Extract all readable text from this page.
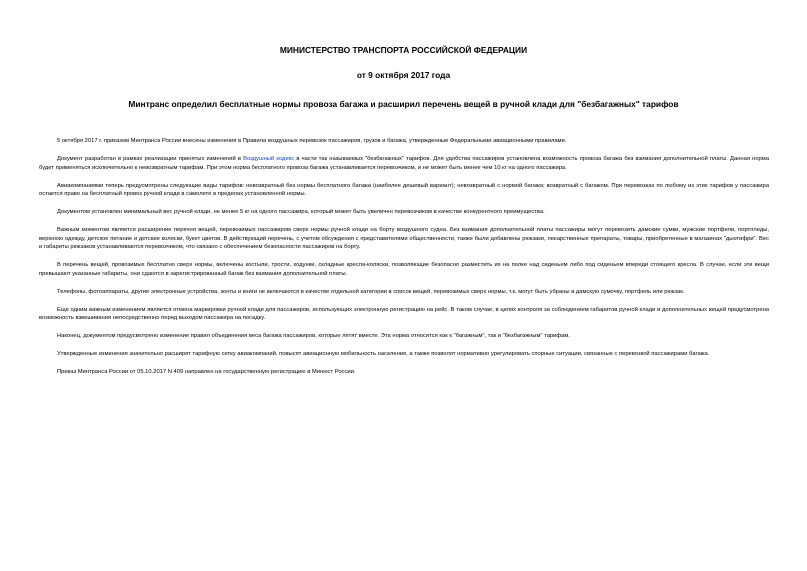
МИНИСТЕРСТВО ТРАНСПОРТА РОССИЙСКОЙ ФЕДЕРАЦИИ
от 9 октября 2017 года
Минтранс определил бесплатные нормы провоза багажа и расширил перечень вещей в ручной клади для "безбагажных" тарифов

5 октября 2017 г. приказом Минтранса России внесены изменения в Правила воздушных перевозок пассажиров, грузов и багажа, утвержденные Федеральными авиационными правилами.

Документ разработан в рамках реализации принятых изменений в Воздушный кодекс в части так называемых "безбагажных" тарифов. Для удобства пассажиров установлена возможность провоза багажа без взимания дополнительной платы. Данная норма будет применяться исключительно к невозвратным тарифам. При этом норма бесплатного провоза багажа устанавливается перевозчиком, и не может быть менее чем 10 кг на одного пассажира.

Авиакомпаниями теперь предусмотрены следующие виды тарифов: невозвратный без нормы бесплатного багажа (наиболее дешевый вариант); невозвратный с нормой багажа; возвратный с багажом. При перевозках по любому из этих тарифов у пассажира остается право на бесплатный провоз ручной клади в самолете в пределах установленной нормы.

Документом установлен минимальный вес ручной клади, не менее 5 кг на одного пассажира, который может быть увеличен перевозчиком в качестве конкурентного преимущества.

Важным моментом является расширение перечня вещей, перевозимых пассажиром сверх нормы ручной клади на борту воздушного судна. Без взимания дополнительной платы пассажиры могут перевозить дамские сумки, мужские портфели, портпледы, верхнюю одежду, детское питание и детские коляски, букет цветов. В действующий перечень, с учетом обсуждения с представителями общественности, также были добавлены рюкзаки, лекарственные препараты, товары, приобретенные в магазинах "дьютифри". Вес и габариты рюкзаков устанавливаются перевозчиком, что связано с обеспечением безопасности пассажиров на борту.

В перечень вещей, провозимых бесплатно сверх нормы, включены костыли, трости, ходунки, складные кресла-коляски, позволяющие безопасно разместить их на полке над сиденьем либо под сиденьем впереди стоящего кресла. В случае, если эти вещи превышают указанные габариты, они сдаются в зарегистрированный багаж без взимания дополнительной платы.

Телефоны, фотоаппараты, другие электронные устройства, зонты и книги не включаются в качестве отдельной категории в список вещей, перевозимых сверх нормы, т.к. могут быть убраны в дамскую сумочку, портфель или рюкзак.

Еще одним важным изменением является отмена маркировки ручной клади для пассажиров, использующих электронную регистрацию на рейс. В таком случае, в целях контроля за соблюдением габаритов ручной клади и дополнительных вещей предусмотрена возможность взвешивания непосредственно перед выходом пассажира на посадку.

Наконец, документом предусмотрено изменение правил объединения веса багажа пассажиров, которые летят вместе. Эта норма относится как к "багажным", так и "безбагажным" тарифам.

Утвержденные изменения значительно расширят тарифную сетку авиакомпаний, повысят авиационную мобильность населения, а также позволят нормативно урегулировать спорные ситуации, связанные с перевозкой пассажирами багажа.

Приказ Минтранса России от 05.10.2017 N 409 направлен на государственную регистрацию в Минюст России.
